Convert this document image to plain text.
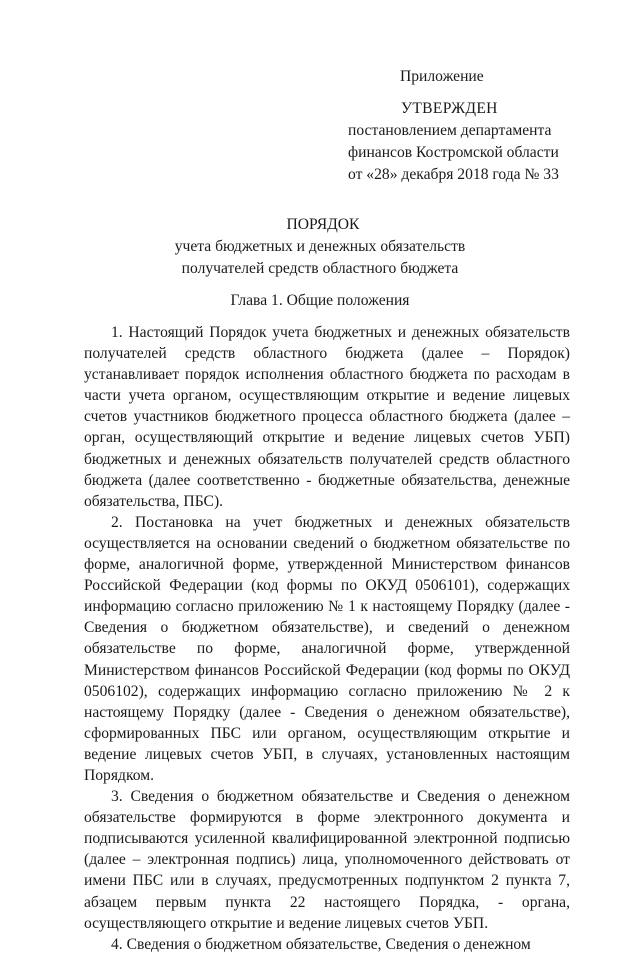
Приложение
УТВЕРЖДЕН
постановлением департамента
финансов Костромской области
от «28» декабря 2018 года № 33
ПОРЯДОК
учета бюджетных и денежных обязательств
получателей средств областного бюджета
Глава 1. Общие положения

1. Настоящий Порядок учета бюджетных и денежных обязательств получателей средств областного бюджета (далее – Порядок) устанавливает порядок исполнения областного бюджета по расходам в части учета органом, осуществляющим открытие и ведение лицевых счетов участников бюджетного процесса областного бюджета (далее – орган, осуществляющий открытие и ведение лицевых счетов УБП) бюджетных и денежных обязательств получателей средств областного бюджета (далее соответственно - бюджетные обязательства, денежные обязательства, ПБС).

2. Постановка на учет бюджетных и денежных обязательств осуществляется на основании сведений о бюджетном обязательстве по форме, аналогичной форме, утвержденной Министерством финансов Российской Федерации (код формы по ОКУД 0506101), содержащих информацию согласно приложению № 1 к настоящему Порядку (далее - Сведения о бюджетном обязательстве), и сведений о денежном обязательстве по форме, аналогичной форме, утвержденной Министерством финансов Российской Федерации (код формы по ОКУД 0506102), содержащих информацию согласно приложению № 2 к настоящему Порядку (далее - Сведения о денежном обязательстве), сформированных ПБС или органом, осуществляющим открытие и ведение лицевых счетов УБП, в случаях, установленных настоящим Порядком.

3. Сведения о бюджетном обязательстве и Сведения о денежном обязательстве формируются в форме электронного документа и подписываются усиленной квалифицированной электронной подписью (далее – электронная подпись) лица, уполномоченного действовать от имени ПБС или в случаях, предусмотренных подпунктом 2 пункта 7, абзацем первым пункта 22 настоящего Порядка, - органа, осуществляющего открытие и ведение лицевых счетов УБП.

4. Сведения о бюджетном обязательстве, Сведения о денежном
